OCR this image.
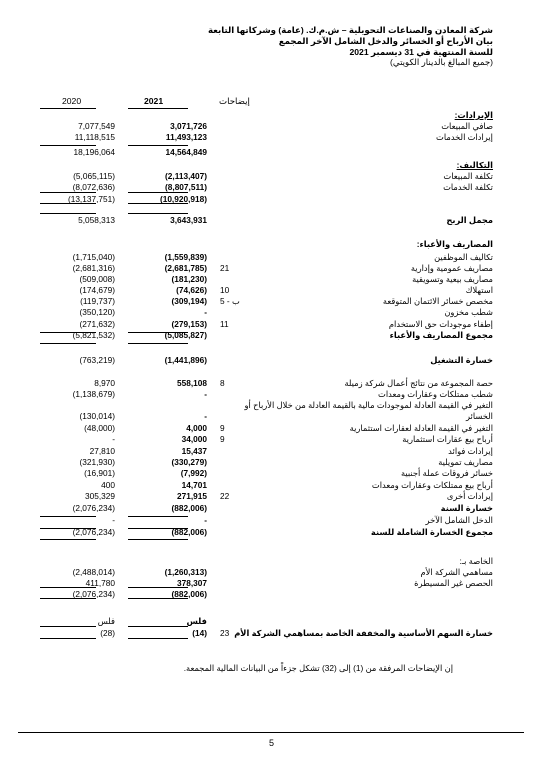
شركة المعادن والصناعات التحويلية – ش.م.ك. (عامة) وشركاتها التابعة
بيان الأرباح أو الخسائر والدخل الشامل الآخر المجمع
للسنة المنتهية في 31 ديسمبر 2021
(جميع المبالغ بالدينار الكويتي)
2020	2021	إيضاحات
الإيرادات:
7,077,549	3,071,726	صافي المبيعات
11,118,515	11,493,123	إيرادات الخدمات
18,196,064	14,564,849
التكاليف:
(5,065,115)	(2,113,407)	تكلفة المبيعات
(8,072,636)	(8,807,511)	تكلفة الخدمات
(13,137,751)	(10,920,918)
5,058,313	3,643,931	مجمل الربح
المصاريف والأعباء:
(1,715,040)	(1,559,839)	تكاليف الموظفين
(2,681,316)	(2,681,785) 21	مصاريف عمومية وإدارية
(509,008)	(181,230)	مصاريف بيعية وتسويقية
(174,679)	(74,626) 10	استهلاك
(119,737)	(309,194) 5 - ب	مخصص خسائر الائتمان المتوقعة
(350,120)	-	شطب مخزون
(271,632)	(279,153) 11	إطفاء موجودات حق الاستخدام
(5,821,532)	(5,085,827)	مجموع المصاريف والأعباء
(763,219)	(1,441,896)	خسارة التشغيل
8,970	558,108 8	حصة المجموعة من نتائج أعمال شركة زميلة
(1,138,679)	-	شطب ممتلكات وعقارات ومعدات
التغير في القيمة العادلة لموجودات مالية بالقيمة العادلة من خلال الأرباح أو
(130,014)	-	الخسائر
(48,000)	4,000 9	التغير في القيمة العادلة لعقارات استثمارية
-	34,000 9	أرباح بيع عقارات استثمارية
27,810	15,437	إيرادات فوائد
(321,930)	(330,279)	مصاريف تمويلية
(16,901)	(7,992)	خسائر فروقات عملة أجنبية
400	14,701	أرباح بيع ممتلكات وعقارات ومعدات
305,329	271,915 22	إيرادات أخرى
(2,076,234)	(882,006)	خسارة السنة
-	-	الدخل الشامل الآخر
(2,076,234)	(882,006)	مجموع الخسارة الشاملة للسنة
الخاصة بـ:
(2,488,014)	(1,260,313)	مساهمي الشركة الأم
411,780	378,307	الحصص غير المسيطرة
(2,076,234)	(882,006)
فلس	فلس
(28)	(14) 23 خسارة السهم الأساسية والمخففة الخاصة بمساهمي الشركة الأم
إن الإيضاحات المرفقة من (1) إلى (32) تشكل جزءاً من البيانات المالية المجمعة.
5
